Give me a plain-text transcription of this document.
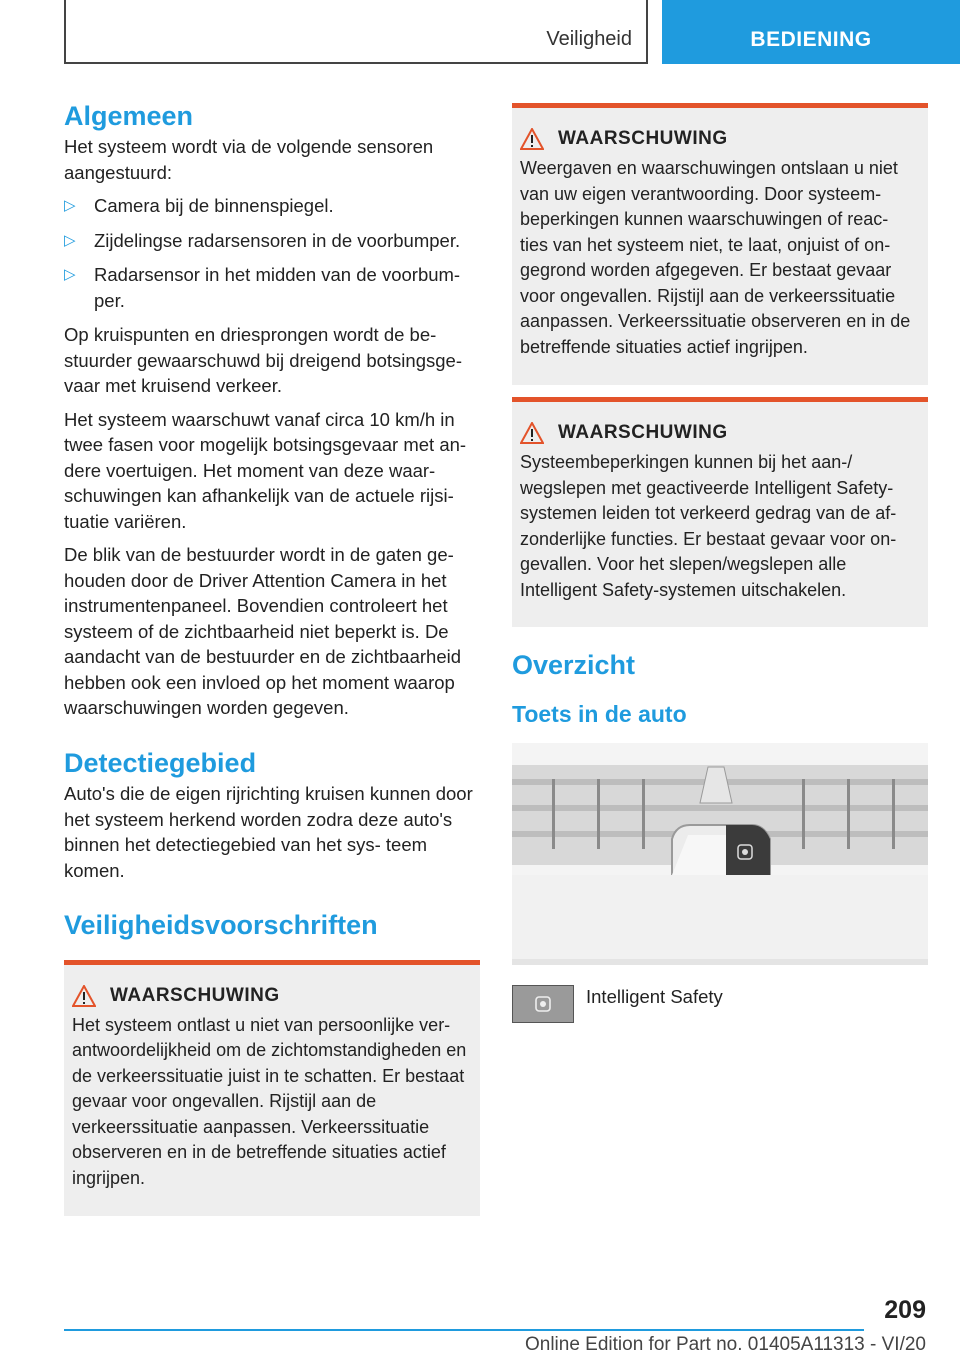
Veiligheid	BEDIENING
Algemeen

Het systeem wordt via de volgende sensoren aangestuurd:

▷ Camera bij de binnenspiegel.
▷ Zijdelingse radarsensoren in de voorbumper.
▷ Radarsensor in het midden van de voorbum- per.

Op kruispunten en driesprongen wordt de be- stuurder gewaarschuwd bij dreigend botsingsge- vaar met kruisend verkeer.

Het systeem waarschuwt vanaf circa 10 km/h in twee fasen voor mogelijk botsingsgevaar met an- dere voertuigen. Het moment van deze waar- schuwingen kan afhankelijk van de actuele rijsi- tuatie variëren.

De blik van de bestuurder wordt in de gaten ge- houden door de Driver Attention Camera in het instrumentenpaneel. Bovendien controleert het systeem of de zichtbaarheid niet beperkt is. De aandacht van de bestuurder en de zichtbaarheid hebben ook een invloed op het moment waarop waarschuwingen worden gegeven.

Detectiegebied

Auto's die de eigen rijrichting kruisen kunnen door het systeem herkend worden zodra deze auto's binnen het detectiegebied van het sys- teem komen.

Veiligheidsvoorschriften
WAARSCHUWING

Het systeem ontlast u niet van persoonlijke ver- antwoordelijkheid om de zichtomstandigheden en de verkeerssituatie juist in te schatten. Er bestaat gevaar voor ongevallen. Rijstijl aan de verkeerssituatie aanpassen. Verkeerssituatie observeren en in de betreffende situaties actief ingrijpen.

WAARSCHUWING

Weergaven en waarschuwingen ontslaan u niet van uw eigen verantwoording. Door systeem- beperkingen kunnen waarschuwingen of reac- ties van het systeem niet, te laat, onjuist of on- gegrond worden afgegeven. Er bestaat gevaar voor ongevallen. Rijstijl aan de verkeerssituatie aanpassen. Verkeerssituatie observeren en in de betreffende situaties actief ingrijpen.

WAARSCHUWING

Systeembeperkingen kunnen bij het aan-/ wegslepen met geactiveerde Intelligent Safety- systemen leiden tot verkeerd gedrag van de af- zonderlijke functies. Er bestaat gevaar voor on- gevallen. Voor het slepen/wegslepen alle Intelligent Safety-systemen uitschakelen.

Overzicht
Toets in de auto
Intelligent Safety
209
Online Edition for Part no. 01405A11313 - VI/20
